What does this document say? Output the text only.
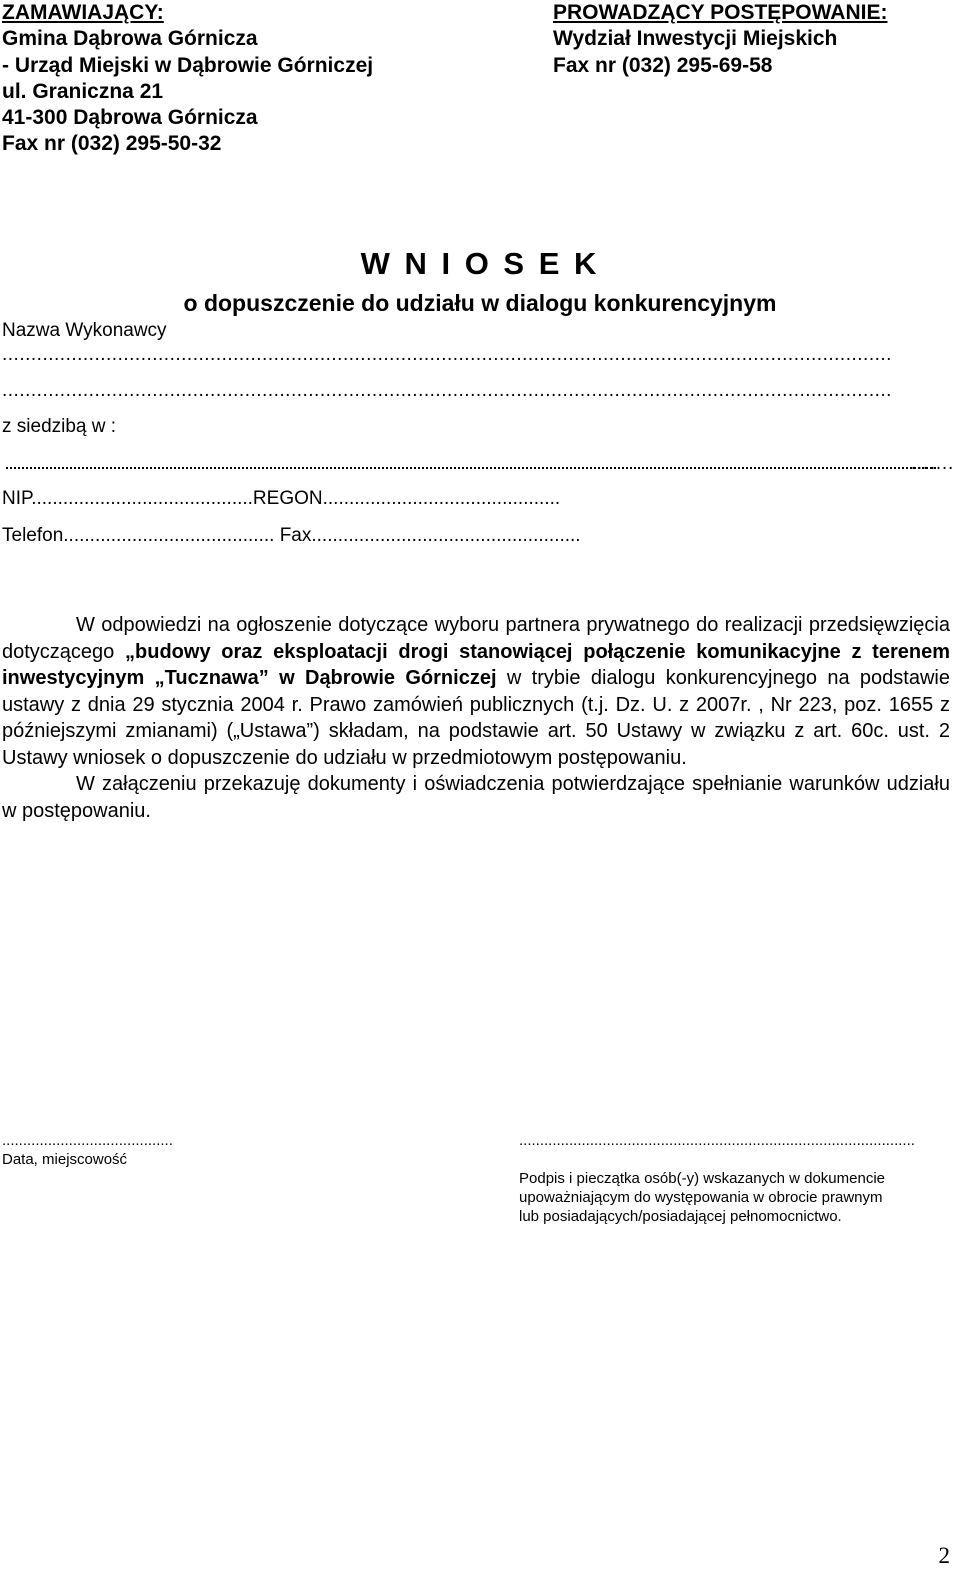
ZAMAWIAJĄCY:
Gmina Dąbrowa Górnicza
- Urząd Miejski w Dąbrowie Górniczej
ul. Graniczna 21
41-300 Dąbrowa Górnicza
Fax nr (032) 295-50-32
PROWADZĄCY POSTĘPOWANIE:
Wydział Inwestycji Miejskich
Fax nr (032) 295-69-58
W N I O S E K
o dopuszczenie do udziału w dialogu konkurencyjnym
Nazwa Wykonawcy
..........................................................................................................................................................
..........................................................................................................................................................
z siedzibą w :
…….
NIP..........................................REGON.............................................
Telefon........................................ Fax...................................................

W odpowiedzi na ogłoszenie dotyczące wyboru partnera prywatnego do realizacji przedsięwzięcia dotyczącego „budowy oraz eksploatacji drogi stanowiącej połączenie komunikacyjne z terenem inwestycyjnym „Tucznawa” w Dąbrowie Górniczej w trybie dialogu konkurencyjnego na podstawie ustawy z dnia 29 stycznia 2004 r. Prawo zamówień publicznych (t.j. Dz. U. z 2007r. , Nr 223, poz. 1655 z późniejszymi zmianami) („Ustawa”) składam, na podstawie art. 50 Ustawy w związku z art. 60c. ust. 2 Ustawy wniosek o dopuszczenie do udziału w przedmiotowym postępowaniu.

W załączeniu przekazuję dokumenty i oświadczenia potwierdzające spełnianie warunków udziału w postępowaniu.

.........................................
Data, miejscowość
...............................................................................................
Podpis i pieczątka osób(-y) wskazanych w dokumencie
upoważniającym do występowania w obrocie prawnym
lub posiadających/posiadającej pełnomocnictwo.
2
